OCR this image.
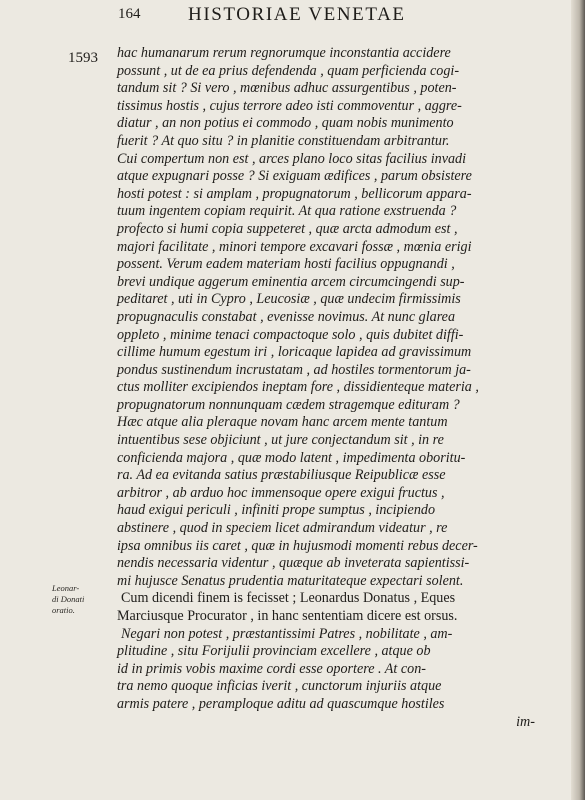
164	HISTORIAE VENETAE
1593
Leonar-
di Donati
oratio.
hac humanarum rerum regnorumque inconstantia accidere
possunt , ut de ea prius defendenda , quam perficienda cogi-
tandum sit ? Si vero , mœnibus adhuc assurgentibus , poten-
tissimus hostis , cujus terrore adeo isti commoventur , aggre-
diatur , an non potius ei commodo , quam nobis munimento
fuerit ? At quo situ ? in planitie constituendam arbitrantur.
Cui compertum non est , arces plano loco sitas facilius invadi
atque expugnari posse ? Si exiguam ædifices , parum obsistere
hosti potest : si amplam , propugnatorum , bellicorum appara-
tuum ingentem copiam requirit. At qua ratione exstruenda ?
profecto si humi copia suppeteret , quæ arcta admodum est ,
majori facilitate , minori tempore excavari fossæ , mœnia erigi
possent. Verum eadem materiam hosti facilius oppugnandi ,
brevi undique aggerum eminentia arcem circumcingendi sup-
peditaret , uti in Cypro , Leucosiæ , quæ undecim firmissimis
propugnaculis constabat , evenisse novimus. At nunc glarea
oppleto , minime tenaci compactoque solo , quis dubitet diffi-
cillime humum egestum iri , loricaque lapidea ad gravissimum
pondus sustinendum incrustatam , ad hostiles tormentorum ja-
ctus molliter excipiendos ineptam fore , dissidienteque materia ,
propugnatorum nonnunquam cædem stragemque edituram ?
Hæc atque alia pleraque novam hanc arcem mente tantum
intuentibus sese objiciunt , ut jure conjectandum sit , in re
conficienda majora , quæ modo latent , impedimenta oboritu-
ra. Ad ea evitanda satius præstabiliusque Reipublicæ esse
arbitror , ab arduo hoc immensoque opere exigui fructus ,
haud exigui periculi , infiniti prope sumptus , incipiendo
abstinere , quod in speciem licet admirandum videatur , re
ipsa omnibus iis caret , quæ in hujusmodi momenti rebus decer-
nendis necessaria videntur , quæque ab inveterata sapientissi-
mi hujusce Senatus prudentia maturitateque expectari solent.
Cum dicendi finem is fecisset ; Leonardus Donatus , Eques
Marciusque Procurator , in hanc sententiam dicere est orsus.
Negari non potest , præstantissimi Patres , nobilitate , am-
plitudine , situ Forijulii provinciam excellere , atque ob
id in primis vobis maxime cordi esse oportere . At con-
tra nemo quoque inficias iverit , cunctorum injuriis atque
armis patere , peramploque aditu ad quascumque hostiles
im-
